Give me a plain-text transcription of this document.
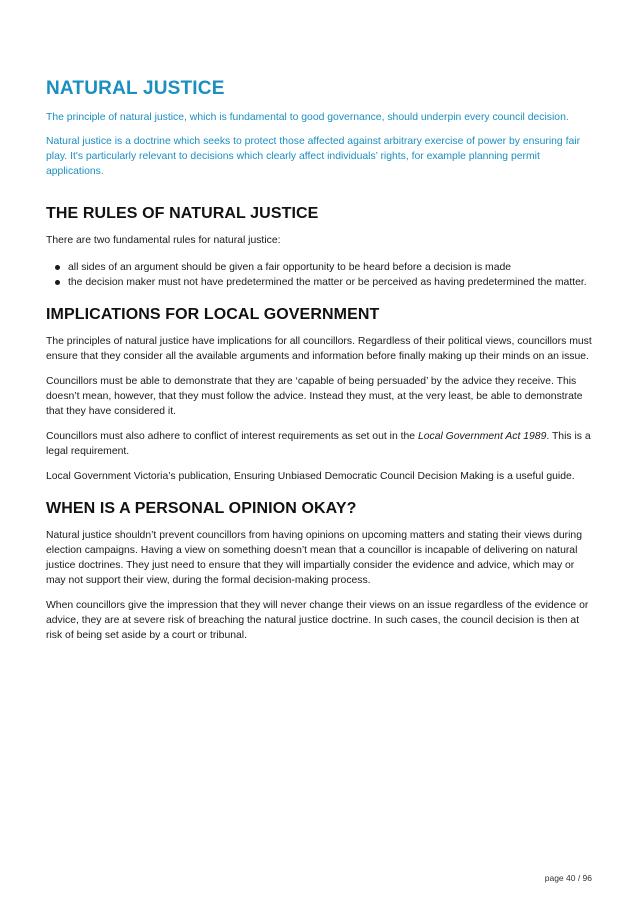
NATURAL JUSTICE

The principle of natural justice, which is fundamental to good governance, should underpin every council decision.

Natural justice is a doctrine which seeks to protect those affected against arbitrary exercise of power by ensuring fair play. It's particularly relevant to decisions which clearly affect individuals’ rights, for example planning permit applications.

THE RULES OF NATURAL JUSTICE

There are two fundamental rules for natural justice:

all sides of an argument should be given a fair opportunity to be heard before a decision is made
the decision maker must not have predetermined the matter or be perceived as having predetermined the matter.
IMPLICATIONS FOR LOCAL GOVERNMENT

The principles of natural justice have implications for all councillors. Regardless of their political views, councillors must ensure that they consider all the available arguments and information before finally making up their minds on an issue.

Councillors must be able to demonstrate that they are ‘capable of being persuaded’ by the advice they receive. This doesn’t mean, however, that they must follow the advice. Instead they must, at the very least, be able to demonstrate that they have considered it.

Councillors must also adhere to conflict of interest requirements as set out in the Local Government Act 1989. This is a legal requirement.

Local Government Victoria’s publication, Ensuring Unbiased Democratic Council Decision Making is a useful guide.

WHEN IS A PERSONAL OPINION OKAY?

Natural justice shouldn’t prevent councillors from having opinions on upcoming matters and stating their views during election campaigns. Having a view on something doesn’t mean that a councillor is incapable of delivering on natural justice doctrines. They just need to ensure that they will impartially consider the evidence and advice, which may or may not support their view, during the formal decision-making process.

When councillors give the impression that they will never change their views on an issue regardless of the evidence or advice, they are at severe risk of breaching the natural justice doctrine. In such cases, the council decision is then at risk of being set aside by a court or tribunal.

page 40 / 96
